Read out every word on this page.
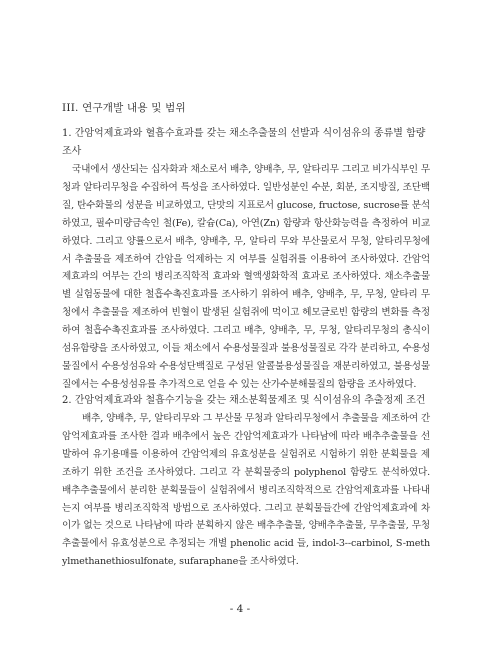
III. 연구개발 내용 및 범위
1. 간암억제효과와 혈흡수효과를 갖는 채소추출물의 선발과 식이섬유의 종류별 함량조사
국내에서 생산되는 십자화과 채소로서 배추, 양배추, 무, 알타리무 그리고 비가식부인 무청과 알타리무청을 수집하여 특성을 조사하였다. 일반성분인 수분, 회분, 조지방질, 조단백질, 탄수화물의 성분을 비교하였고, 단맛의 지표로서 glucose, fructose, sucrose를 분석하였고, 필수미량금속인 철(Fe), 칼슘(Ca), 아연(Zn) 함량과 항산화능력을 측정하여 비교하였다. 그리고 양률으로서 배추, 양배추, 무, 알타리 무와 부산물로서 무청, 알타리무청에서 추출물을 제조하여 간암을 억제하는 지 여부를 실험쥐를 이용하여 조사하였다. 간암억제효과의 여부는 간의 병리조직학적 효과와 혈액생화학적 효과로 조사하였다. 채소추출물별 실험동물에 대한 철흡수촉진효과를 조사하기 위하여 배추, 양배추, 무, 무청, 알타리 무청에서 추출물을 제조하여 빈혈이 발생된 실험쥐에 먹이고 헤모글로빈 함량의 변화를 측정하여 철흡수촉진효과를 조사하였다. 그리고 배추, 양배추, 무, 무청, 알타리무청의 총식이섬유함량을 조사하였고, 이들 채소에서 수용성물질과 불용성물질로 각각 분리하고, 수용성물질에서 수용성섬유와 수용성단백질로 구성된 알콜불용성물질을 재분리하였고, 불용성물질에서는 수용성섬유를 추가적으로 얻을 수 있는 산가수분해물질의 함량을 조사하였다.
2. 간암억제효과와 철흡수기능을 갖는 채소분획물제조 및 식이섬유의 추출정제 조건
배추, 양배추, 무, 알타리무와 그 부산물 무청과 알타리무청에서 추출물을 제조하여 간암억제효과를 조사한 결과 배추에서 높은 간암억제효과가 나타남에 따라 배추추출물을 선발하여 유기용매를 이용하여 간암억제의 유효성분을 실험쥐로 시험하기 위한 분획물을 제조하기 위한 조건을 조사하였다. 그리고 각 분획물중의 polyphenol 함량도 분석하였다. 배추추출물에서 분리한 분획물들이 실험쥐에서 병리조직학적으로 간암억제효과를 나타내는지 여부를 병리조직학적 방법으로 조사하였다. 그리고 분획물들간에 간암억제효과에 차이가 없는 것으로 나타남에 따라 분획하지 않은 배추추출물, 양배추추출물, 무추출물, 무청추출물에서 유효성분으로 추정되는 개별 phenolic acid 들, indol-3--carbinol, S-methylmethanethiosulfonate, sufaraphane을 조사하였다.
- 4 -
